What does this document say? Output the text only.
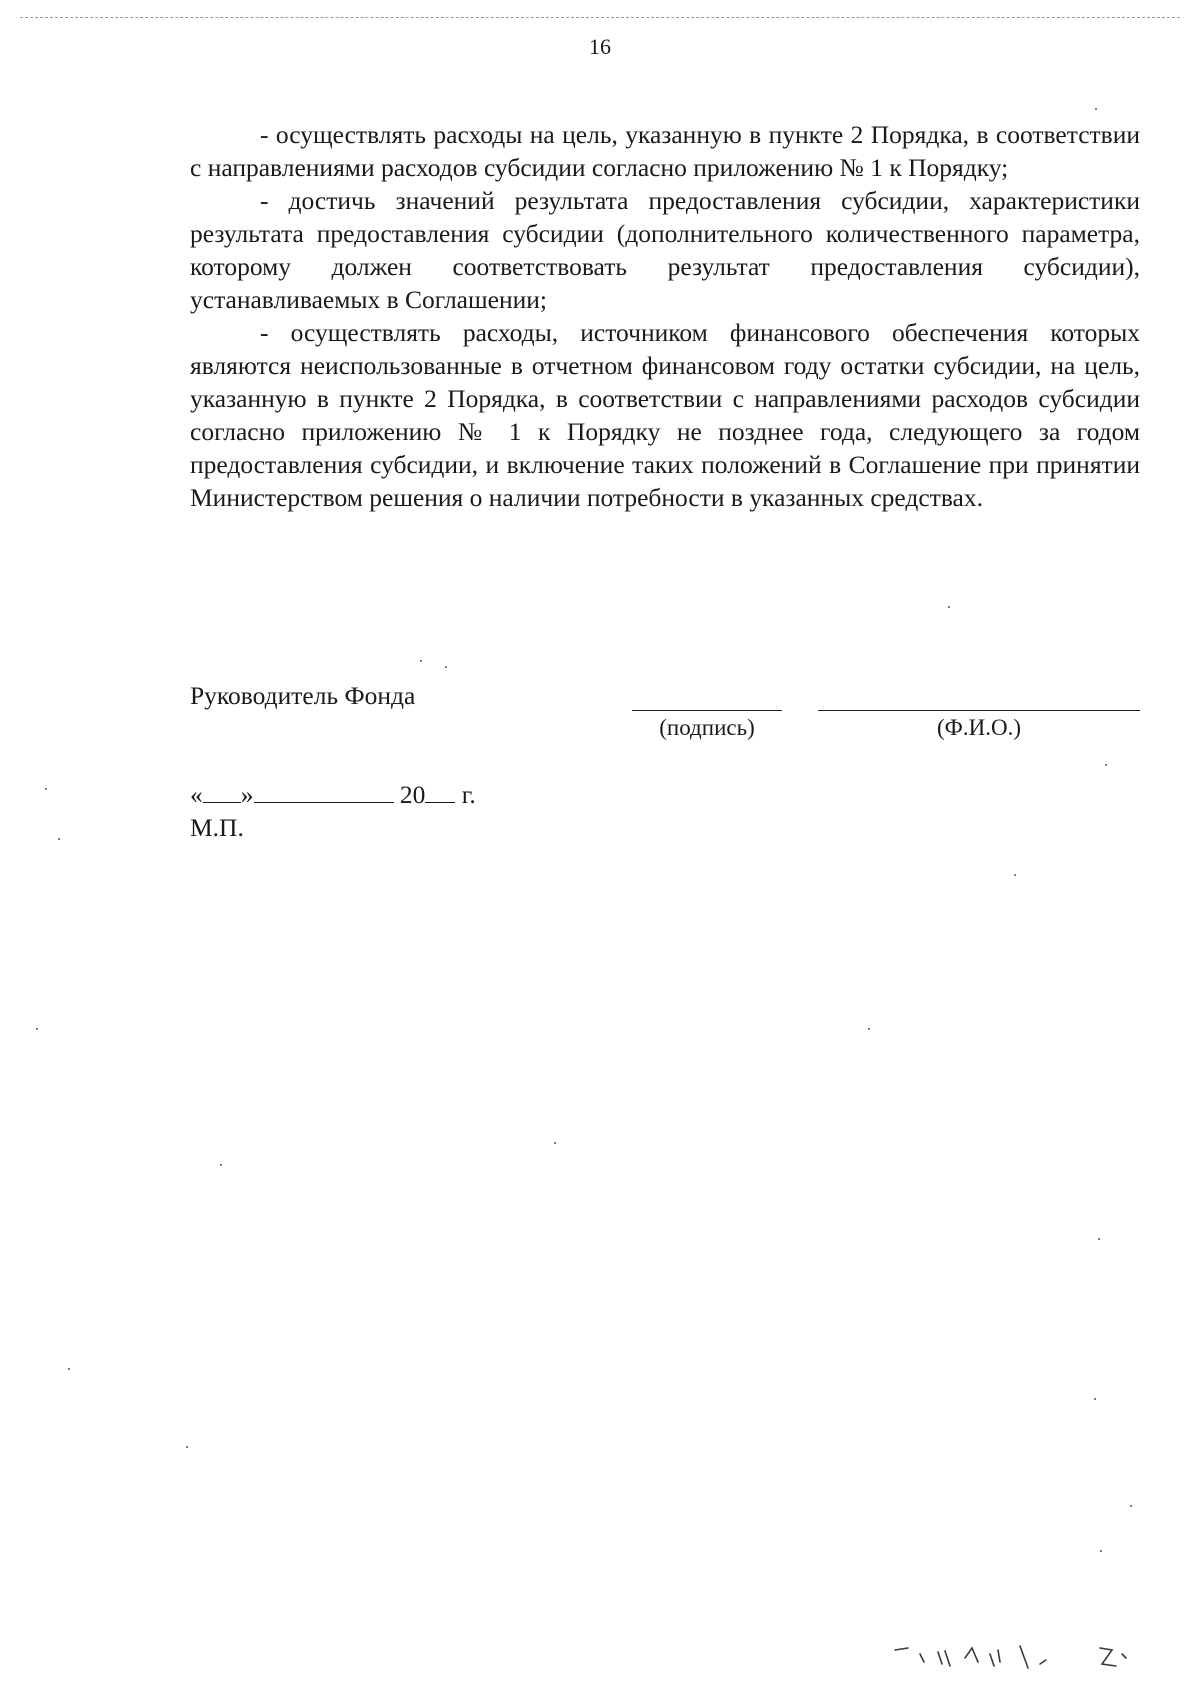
16

- осуществлять расходы на цель, указанную в пункте 2 Порядка, в соответствии с направлениями расходов субсидии согласно приложению № 1 к Порядку;

- достичь значений результата предоставления субсидии, характеристики результата предоставления субсидии (дополнительного количественного параметра, которому должен соответствовать результат предоставления субсидии), устанавливаемых в Соглашении;

- осуществлять расходы, источником финансового обеспечения которых являются неиспользованные в отчетном финансовом году остатки субсидии, на цель, указанную в пункте 2 Порядка, в соответствии с направлениями расходов субсидии согласно приложению № 1 к Порядку не позднее года, следующего за годом предоставления субсидии, и включение таких положений в Соглашение при принятии Министерством решения о наличии потребности в указанных средствах.

Руководитель Фонда
(подпись)	(Ф.И.О.)
« »	20 г.
М.П.
